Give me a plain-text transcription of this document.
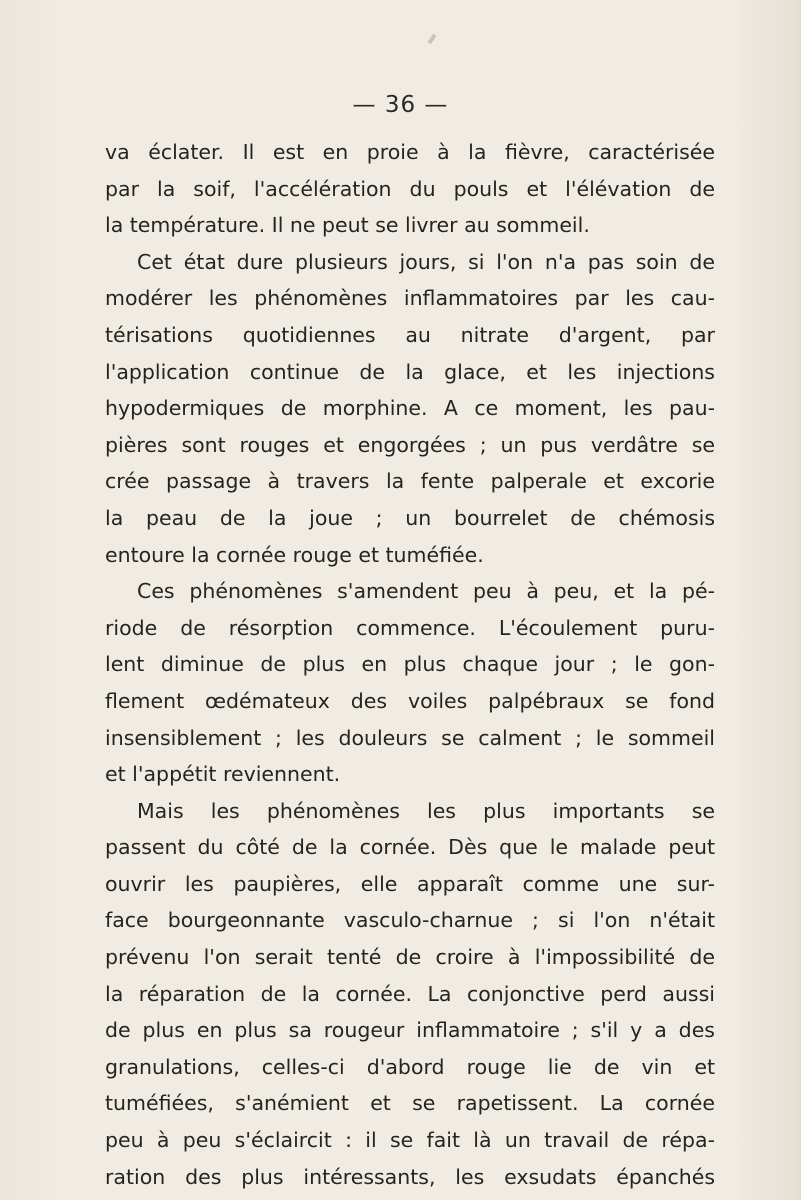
— 36 —
va éclater. Il est en proie à la fièvre, caractérisée
par la soif, l'accélération du pouls et l'élévation de
la température. Il ne peut se livrer au sommeil.
Cet état dure plusieurs jours, si l'on n'a pas soin de
modérer les phénomènes inflammatoires par les cau-
térisations quotidiennes au nitrate d'argent, par
l'application continue de la glace, et les injections
hypodermiques de morphine. A ce moment, les pau-
pières sont rouges et engorgées ; un pus verdâtre se
crée passage à travers la fente palperale et excorie
la peau de la joue ; un bourrelet de chémosis
entoure la cornée rouge et tuméfiée.
Ces phénomènes s'amendent peu à peu, et la pé-
riode de résorption commence. L'écoulement puru-
lent diminue de plus en plus chaque jour ; le gon-
flement œdémateux des voiles palpébraux se fond
insensiblement ; les douleurs se calment ; le sommeil
et l'appétit reviennent.
Mais les phénomènes les plus importants se
passent du côté de la cornée. Dès que le malade peut
ouvrir les paupières, elle apparaît comme une sur-
face bourgeonnante vasculo-charnue ; si l'on n'était
prévenu l'on serait tenté de croire à l'impossibilité de
la réparation de la cornée. La conjonctive perd aussi
de plus en plus sa rougeur inflammatoire ; s'il y a des
granulations, celles-ci d'abord rouge lie de vin et
tuméfiées, s'anémient et se rapetissent. La cornée
peu à peu s'éclaircit : il se fait là un travail de répa-
ration des plus intéressants, les exsudats épanchés
